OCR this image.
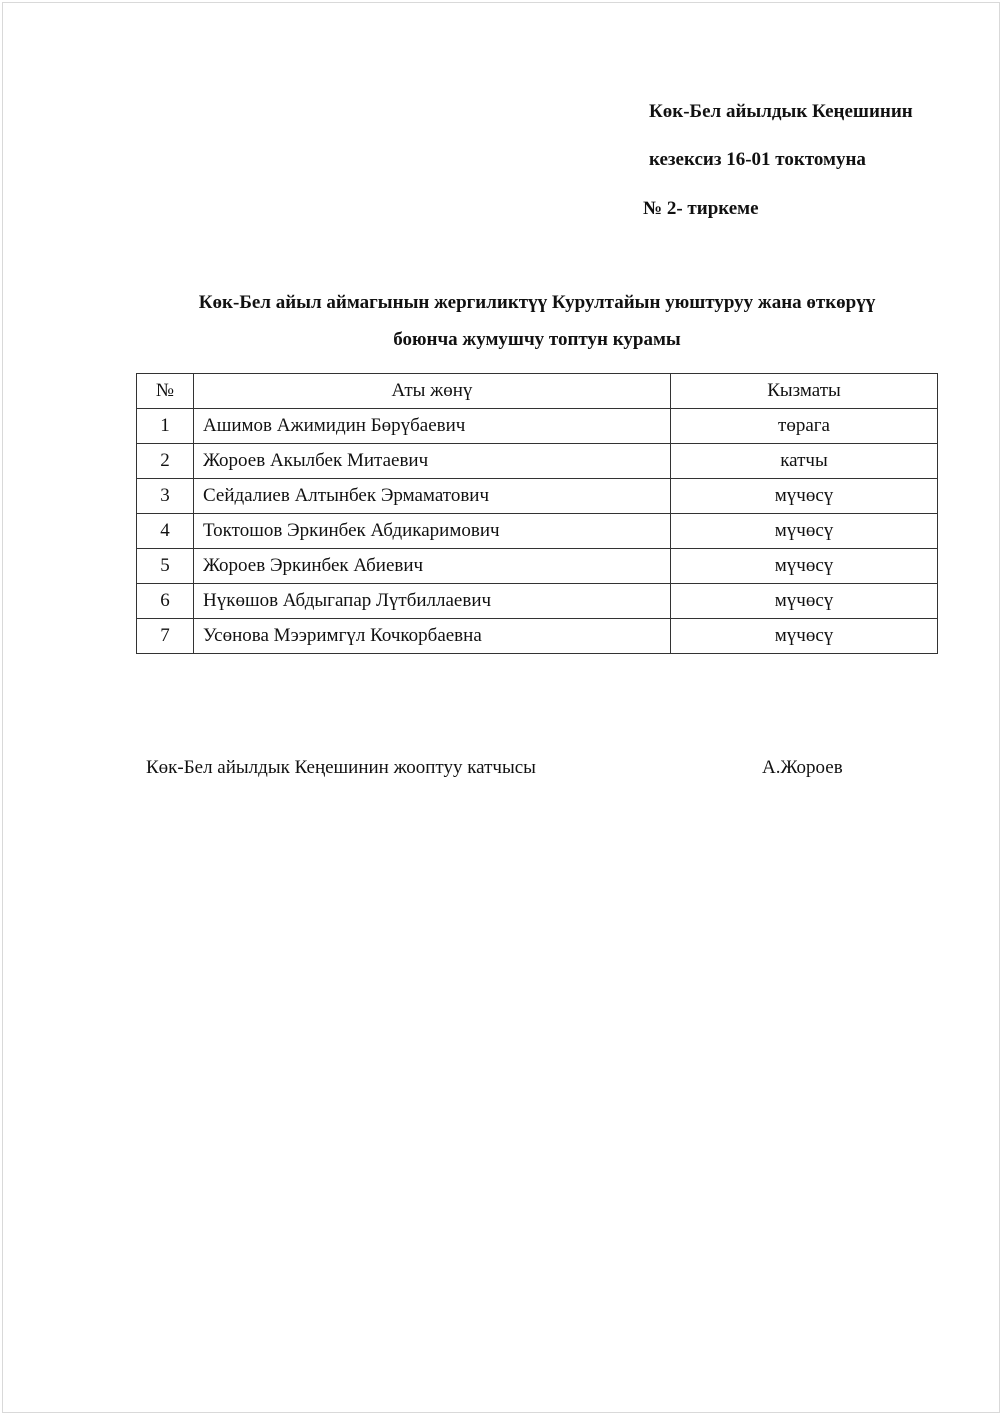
Көк-Бел айылдык Кеңешинин
кезексиз 16-01 токтомуна
№ 2- тиркеме
Көк-Бел айыл аймагынын жергиликтүү Курултайын уюштуруу жана өткөрүү
боюнча жумушчу топтун курамы
№	Аты жөнү	Кызматы
1	Ашимов Ажимидин Бөрүбаевич	төрага
2	Жороев Акылбек Митаевич	катчы
3	Сейдалиев Алтынбек Эрмаматович	мүчөсү
4	Токтошов Эркинбек Абдикаримович	мүчөсү
5	Жороев Эркинбек Абиевич	мүчөсү
6	Нүкөшов Абдыгапар Лүтбиллаевич	мүчөсү
7	Усөнова Мээримгүл Кочкорбаевна	мүчөсү
Көк-Бел айылдык Кеңешинин жооптуу катчысы	А.Жороев
